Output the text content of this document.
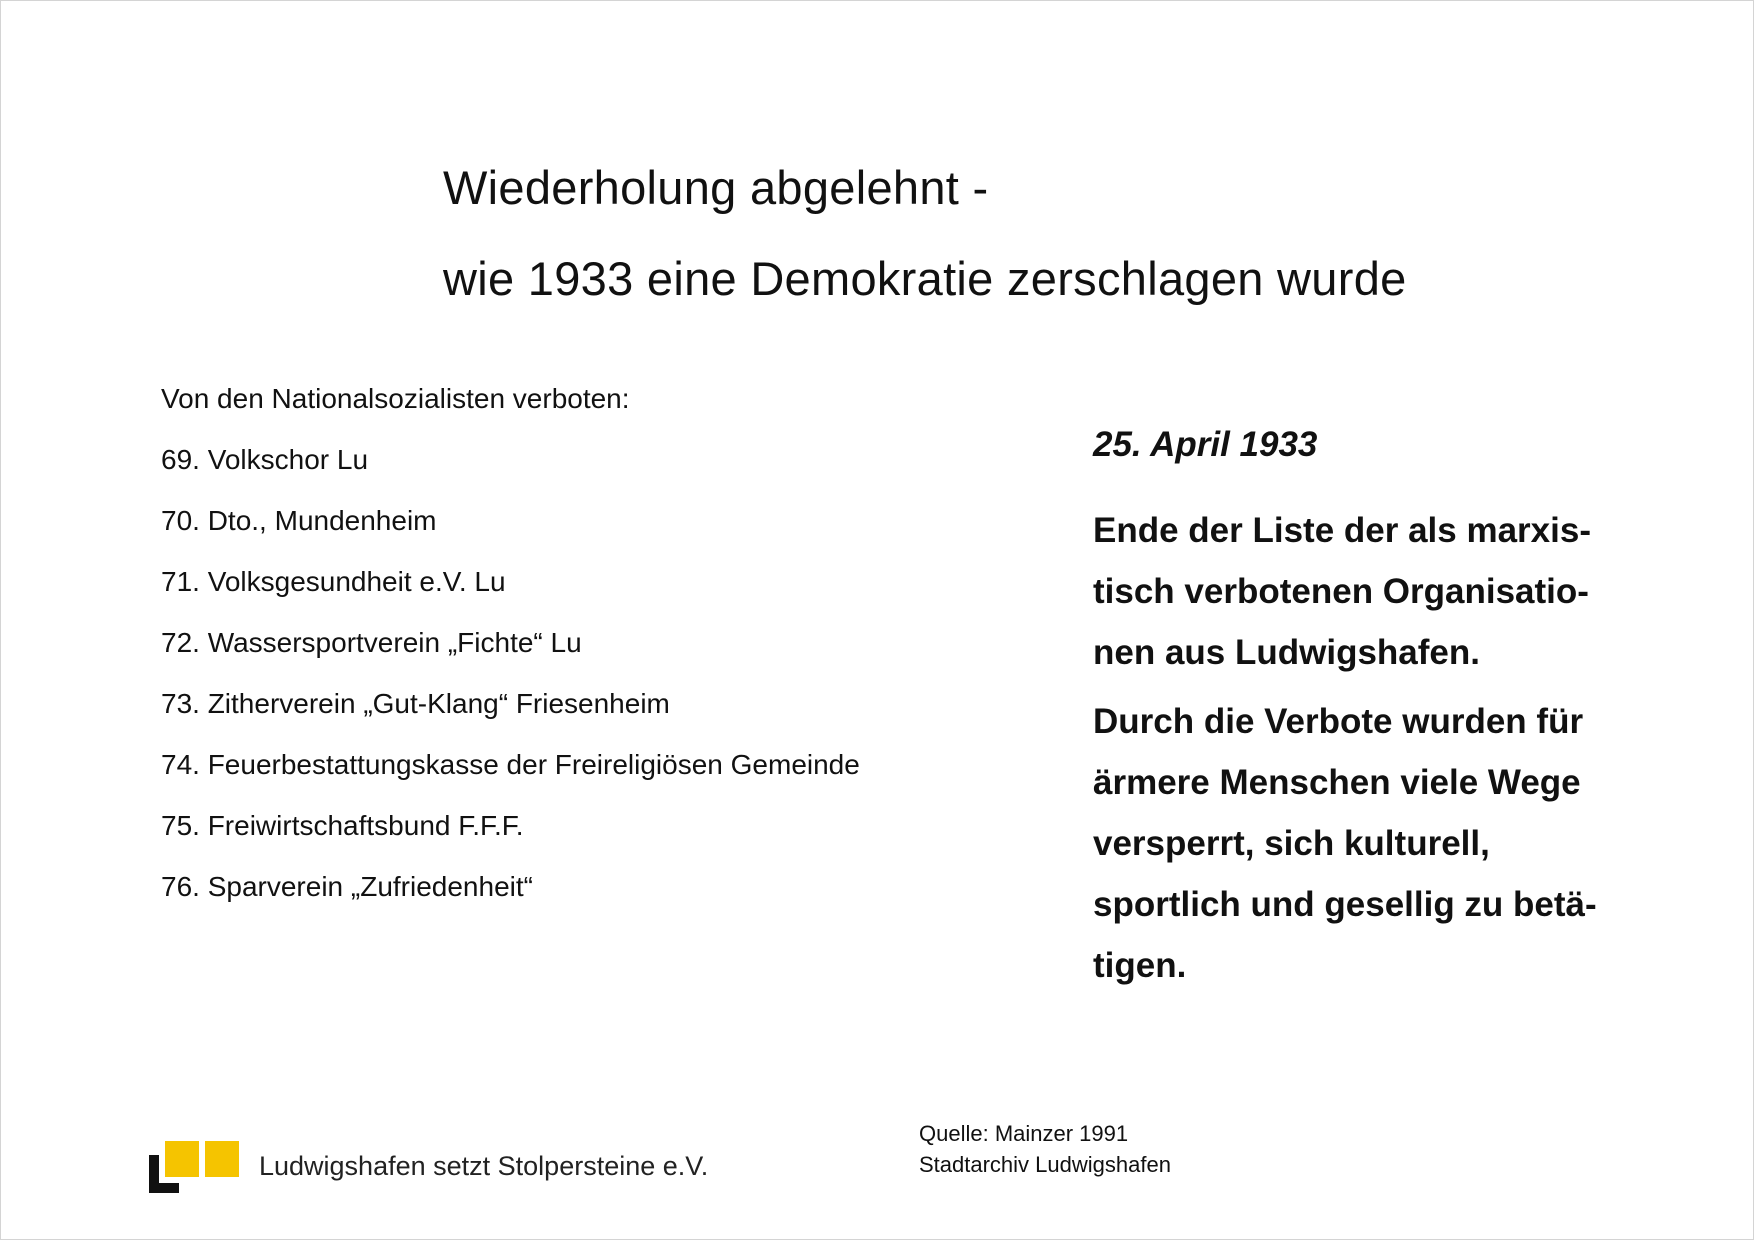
Wiederholung abgelehnt -
wie 1933 eine Demokratie zerschlagen wurde
Von den Nationalsozialisten verboten:
69. Volkschor Lu
70. Dto., Mundenheim
71. Volksgesundheit e.V. Lu
72. Wassersportverein „Fichte“ Lu
73. Zitherverein „Gut-Klang“ Friesenheim
74. Feuerbestattungskasse der Freireligiösen Gemeinde
75. Freiwirtschaftsbund F.F.F.
76. Sparverein „Zufriedenheit“
25. April 1933
Ende der Liste der als marxis-
tisch verbotenen Organisatio-
nen aus Ludwigshafen.
Durch die Verbote wurden für
ärmere Menschen viele Wege
versperrt, sich kulturell,
sportlich und gesellig zu betä-
tigen.
Quelle: Mainzer 1991
Stadtarchiv Ludwigshafen
Ludwigshafen setzt Stolpersteine e.V.
